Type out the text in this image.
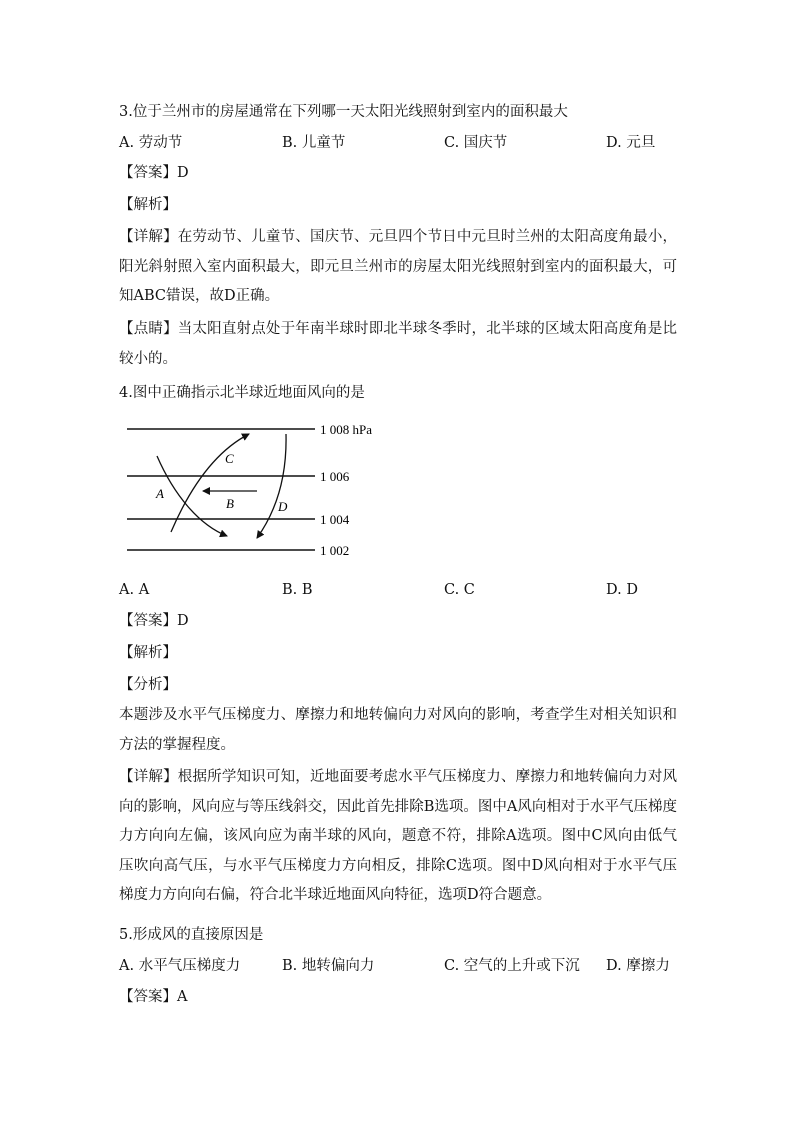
3.位于兰州市的房屋通常在下列哪一天太阳光线照射到室内的面积最大
A. 劳动节	B. 儿童节	C. 国庆节	D. 元旦
【答案】D
【解析】
【详解】在劳动节、儿童节、国庆节、元旦四个节日中元旦时兰州的太阳高度角最小，阳光斜射照入室内面积最大，即元旦兰州市的房屋太阳光线照射到室内的面积最大，可知ABC错误，故D正确。
【点睛】当太阳直射点处于年南半球时即北半球冬季时，北半球的区域太阳高度角是比较小的。
4.图中正确指示北半球近地面风向的是
1 008 hPa
1 006
1 004
1 002
A
B
C
D
A. A	B. B	C. C	D. D
【答案】D
【解析】
【分析】
本题涉及水平气压梯度力、摩擦力和地转偏向力对风向的影响，考查学生对相关知识和方法的掌握程度。
【详解】根据所学知识可知，近地面要考虑水平气压梯度力、摩擦力和地转偏向力对风向的影响，风向应与等压线斜交，因此首先排除B选项。图中A风向相对于水平气压梯度力方向向左偏，该风向应为南半球的风向，题意不符，排除A选项。图中C风向由低气压吹向高气压，与水平气压梯度力方向相反，排除C选项。图中D风向相对于水平气压梯度力方向向右偏，符合北半球近地面风向特征，选项D符合题意。
5.形成风的直接原因是
A. 水平气压梯度力	B. 地转偏向力	C. 空气的上升或下沉 D. 摩擦力
【答案】A
